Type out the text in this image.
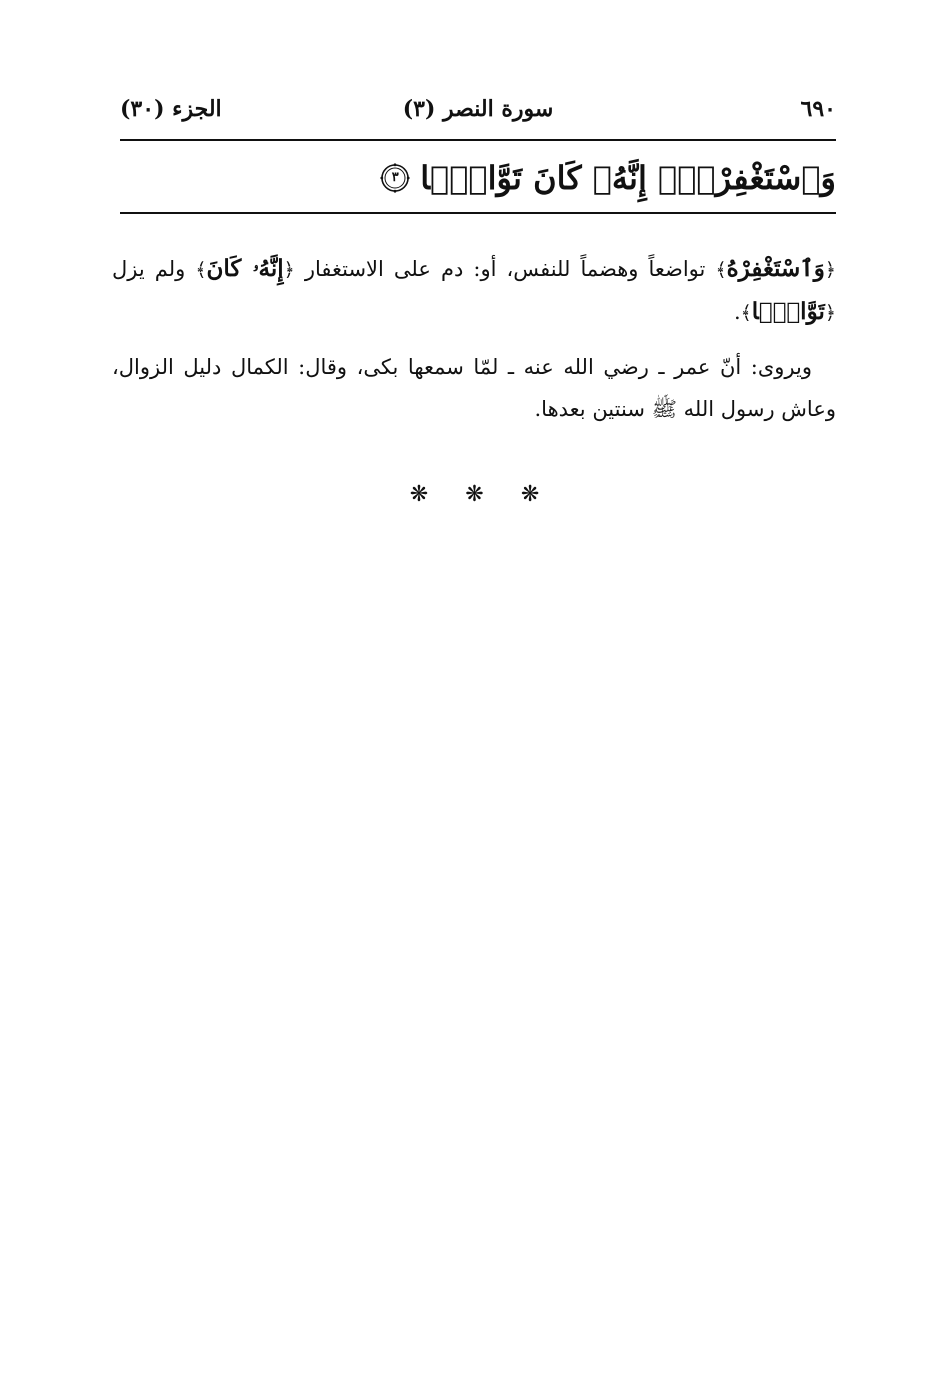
٦٩٠
سورة النصر (٣)
الجزء (٣٠)
وَٱسْتَغْفِرْهُۚ إِنَّهُۥ كَانَ تَوَّابًۢا
٣

﴿وَٱسْتَغْفِرْهُ﴾ تواضعاً وهضماً للنفس، أو: دم على الاستغفار ﴿إِنَّهُۥ كَانَ﴾ ولم يزل ﴿تَوَّابًۢا﴾.

ويروى: أنّ عمر ـ رضي الله عنه ـ لمّا سمعها بكى، وقال: الكمال دليل الزوال، وعاش رسول الله ﷺ سنتين بعدها.

❋ ❋ ❋
